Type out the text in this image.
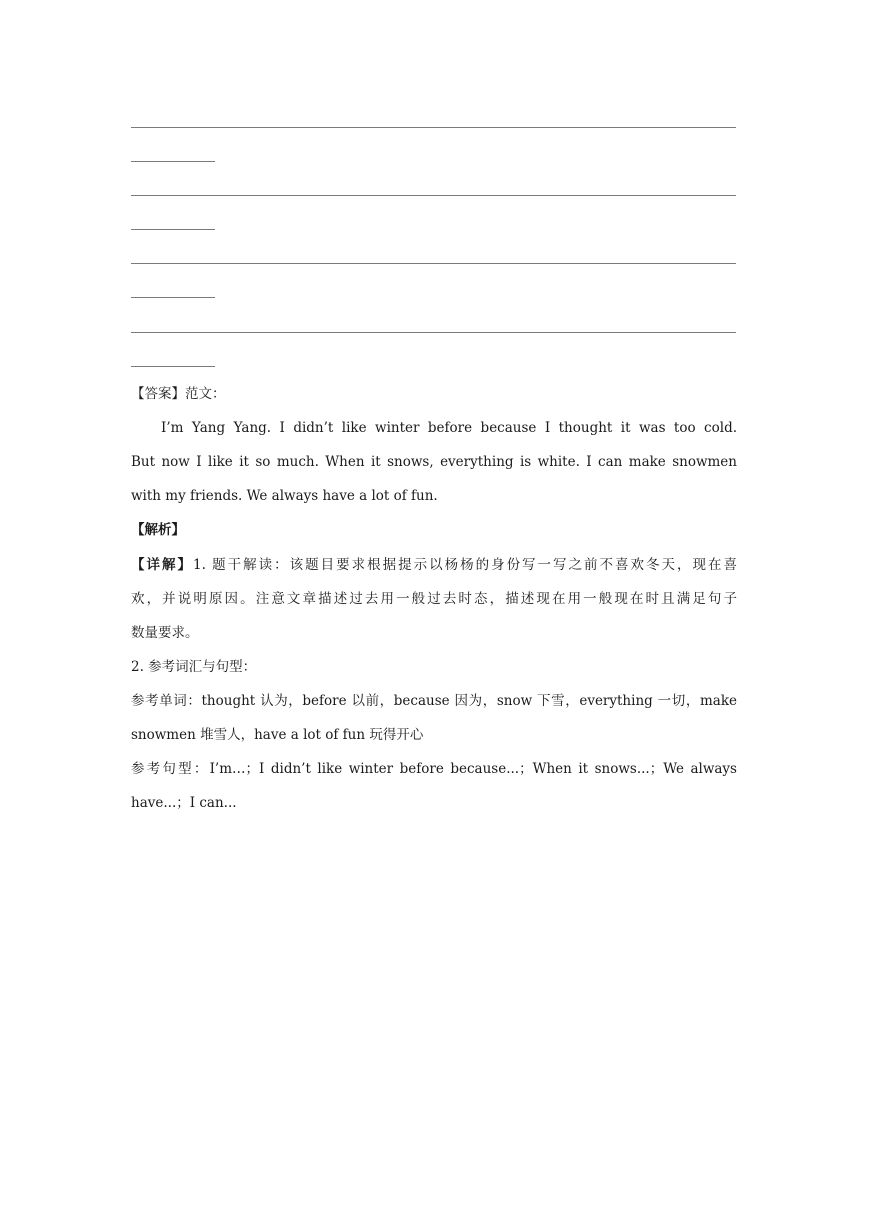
【答案】范文：
I’m Yang Yang. I didn’t like winter before because I thought it was too cold.
But now I like it so much. When it snows, everything is white. I can make snowmen
with my friends. We always have a lot of fun.
【解析】
【详解】1. 题干解读：该题目要求根据提示以杨杨的身份写一写之前不喜欢冬天，现在喜
欢，并说明原因。注意文章描述过去用一般过去时态，描述现在用一般现在时且满足句子
数量要求。
2. 参考词汇与句型：
参考单词：thought 认为，before 以前，because 因为，snow 下雪，everything 一切，make
snowmen 堆雪人，have a lot of fun 玩得开心
参考句型：I’m…；I didn’t like winter before because...；When it snows...；We always
have...；I can...
